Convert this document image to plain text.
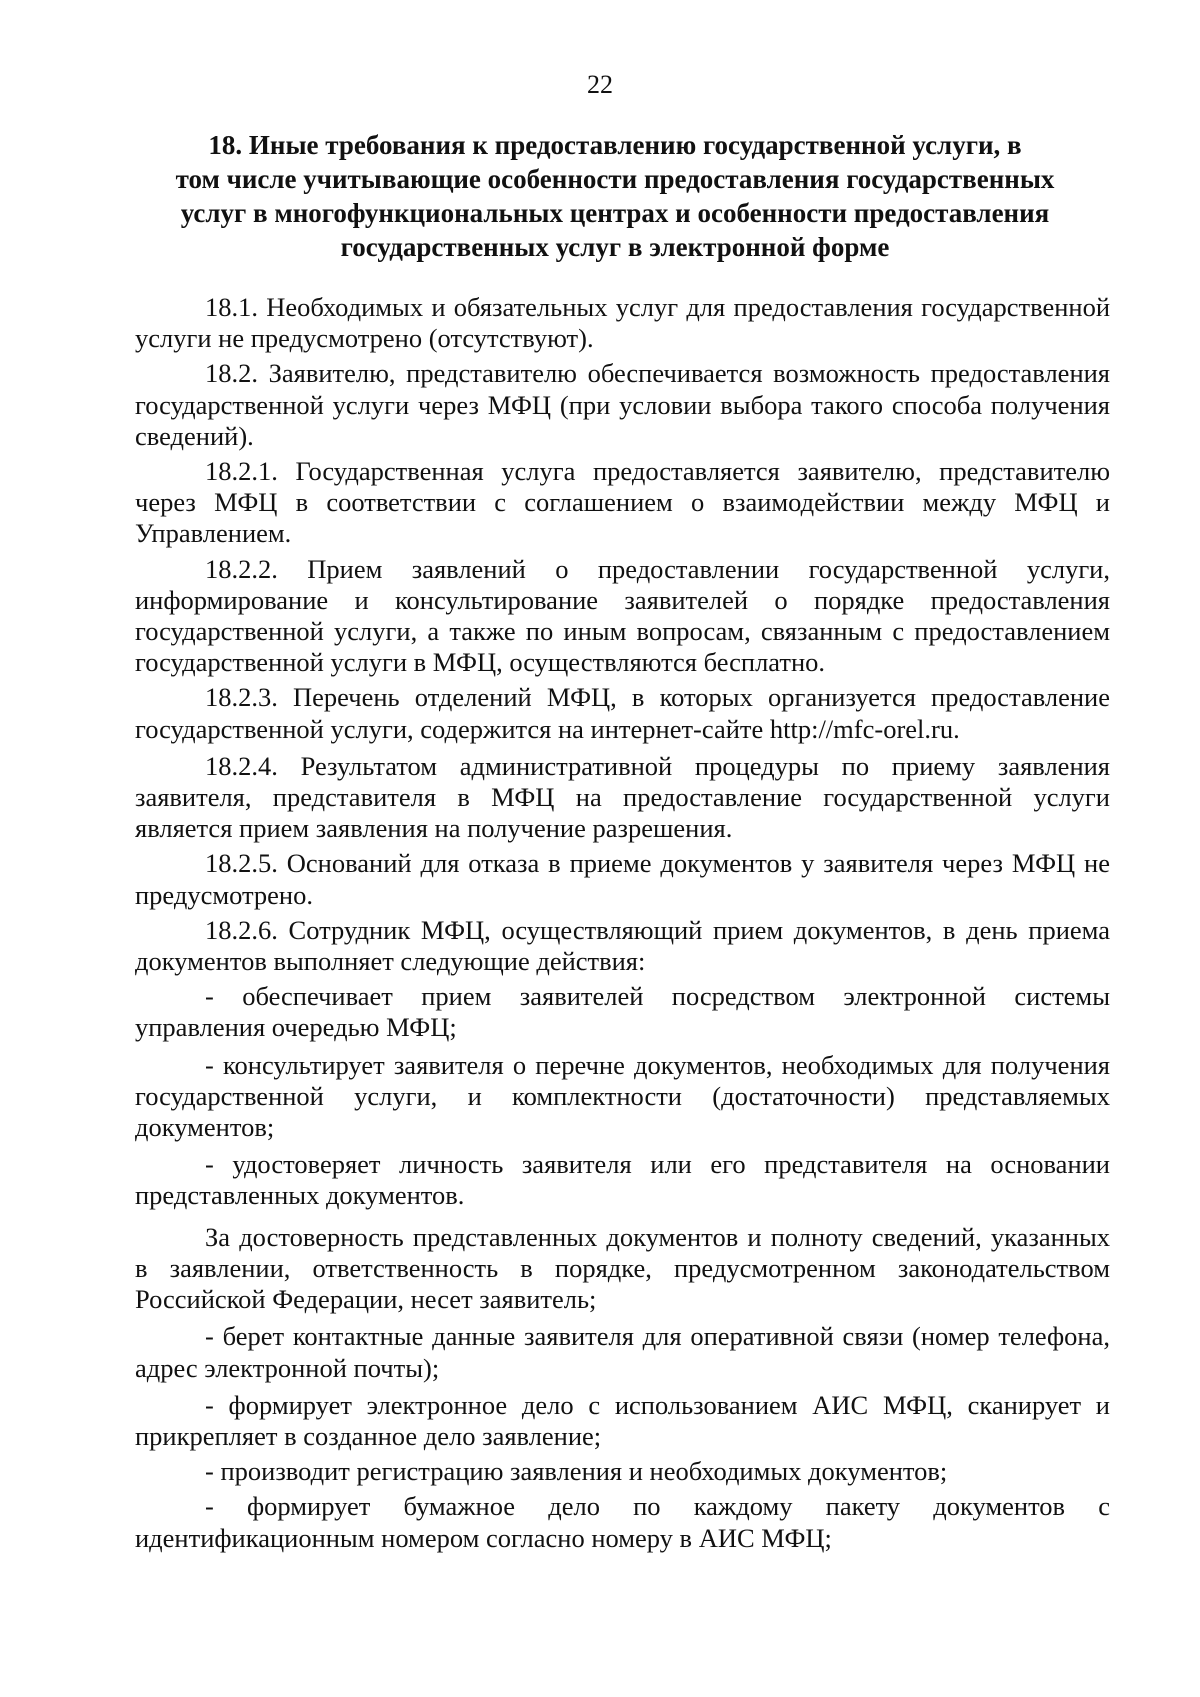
22
18. Иные требования к предоставлению государственной услуги, в
том числе учитывающие особенности предоставления государственных
услуг в многофункциональных центрах и особенности предоставления
государственных услуг в электронной форме

18.1. Необходимых и обязательных услуг для предоставления государственной услуги не предусмотрено (отсутствуют).

18.2. Заявителю, представителю обеспечивается возможность предоставления государственной услуги через МФЦ (при условии выбора такого способа получения сведений).

18.2.1. Государственная услуга предоставляется заявителю, представителю через МФЦ в соответствии с соглашением о взаимодействии между МФЦ и Управлением.

18.2.2. Прием заявлений о предоставлении государственной услуги, информирование и консультирование заявителей о порядке предоставления государственной услуги, а также по иным вопросам, связанным с предоставлением государственной услуги в МФЦ, осуществляются бесплатно.

18.2.3. Перечень отделений МФЦ, в которых организуется предоставление государственной услуги, содержится на интернет-сайте http://mfc-orel.ru.

18.2.4. Результатом административной процедуры по приему заявления заявителя, представителя в МФЦ на предоставление государственной услуги является прием заявления на получение разрешения.

18.2.5. Оснований для отказа в приеме документов у заявителя через МФЦ не предусмотрено.

18.2.6. Сотрудник МФЦ, осуществляющий прием документов, в день приема документов выполняет следующие действия:

- обеспечивает прием заявителей посредством электронной системы управления очередью МФЦ;

- консультирует заявителя о перечне документов, необходимых для получения государственной услуги, и комплектности (достаточности) представляемых документов;

- удостоверяет личность заявителя или его представителя на основании представленных документов.

За достоверность представленных документов и полноту сведений, указанных в заявлении, ответственность в порядке, предусмотренном законодательством Российской Федерации, несет заявитель;

- берет контактные данные заявителя для оперативной связи (номер телефона, адрес электронной почты);

- формирует электронное дело с использованием АИС МФЦ, сканирует и прикрепляет в созданное дело заявление;

- производит регистрацию заявления и необходимых документов;

- формирует бумажное дело по каждому пакету документов с идентификационным номером согласно номеру в АИС МФЦ;
